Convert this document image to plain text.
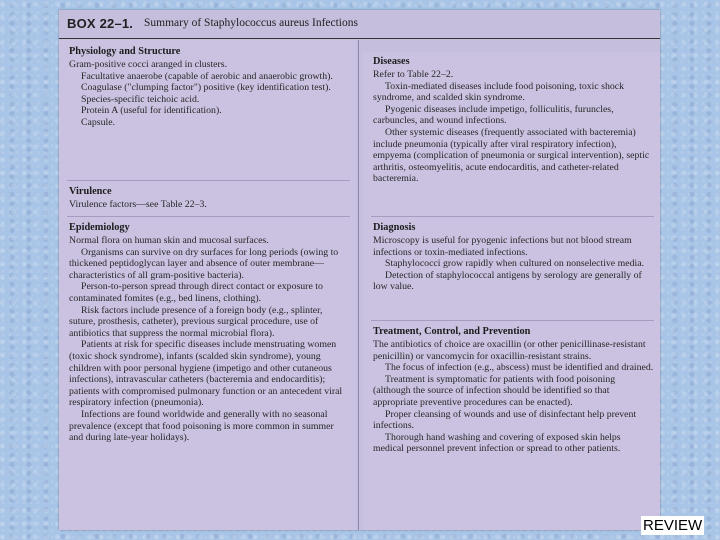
BOX 22–1. Summary of Staphylococcus aureus Infections
Physiology and Structure

Gram-positive cocci aranged in clusters.

Facultative anaerobe (capable of aerobic and anaerobic growth).

Coagulase ("clumping factor") positive (key identification test).

Species-specific teichoic acid.

Protein A (useful for identification).

Capsule.

Virulence

Virulence factors—see Table 22–3.

Epidemiology

Normal flora on human skin and mucosal surfaces.

Organisms can survive on dry surfaces for long periods (owing to thickened peptidoglycan layer and absence of outer membrane—characteristics of all gram-positive bacteria).

Person-to-person spread through direct contact or exposure to contaminated fomites (e.g., bed linens, clothing).

Risk factors include presence of a foreign body (e.g., splinter, suture, prosthesis, catheter), previous surgical procedure, use of antibiotics that suppress the normal microbial flora).

Patients at risk for specific diseases include menstruating women (toxic shock syndrome), infants (scalded skin syndrome), young children with poor personal hygiene (impetigo and other cutaneous infections), intravascular catheters (bacteremia and endocarditis); patients with compromised pulmonary function or an antecedent viral respiratory infection (pneumonia).

Infections are found worldwide and generally with no seasonal prevalence (except that food poisoning is more common in summer and during late-year holidays).

Diseases

Refer to Table 22–2.

Toxin-mediated diseases include food poisoning, toxic shock syndrome, and scalded skin syndrome.

Pyogenic diseases include impetigo, folliculitis, furuncles, carbuncles, and wound infections.

Other systemic diseases (frequently associated with bacteremia) include pneumonia (typically after viral respiratory infection), empyema (complication of pneumonia or surgical intervention), septic arthritis, osteomyelitis, acute endocarditis, and catheter-related bacteremia.

Diagnosis

Microscopy is useful for pyogenic infections but not blood stream infections or toxin-mediated infections.

Staphylococci grow rapidly when cultured on nonselective media.

Detection of staphylococcal antigens by serology are generally of low value.

Treatment, Control, and Prevention

The antibiotics of choice are oxacillin (or other penicillinase-resistant penicillin) or vancomycin for oxacillin-resistant strains.

The focus of infection (e.g., abscess) must be identified and drained.

Treatment is symptomatic for patients with food poisoning (although the source of infection should be identified so that appropriate preventive procedures can be enacted).

Proper cleansing of wounds and use of disinfectant help prevent infections.

Thorough hand washing and covering of exposed skin helps medical personnel prevent infection or spread to other patients.

REVIEW
